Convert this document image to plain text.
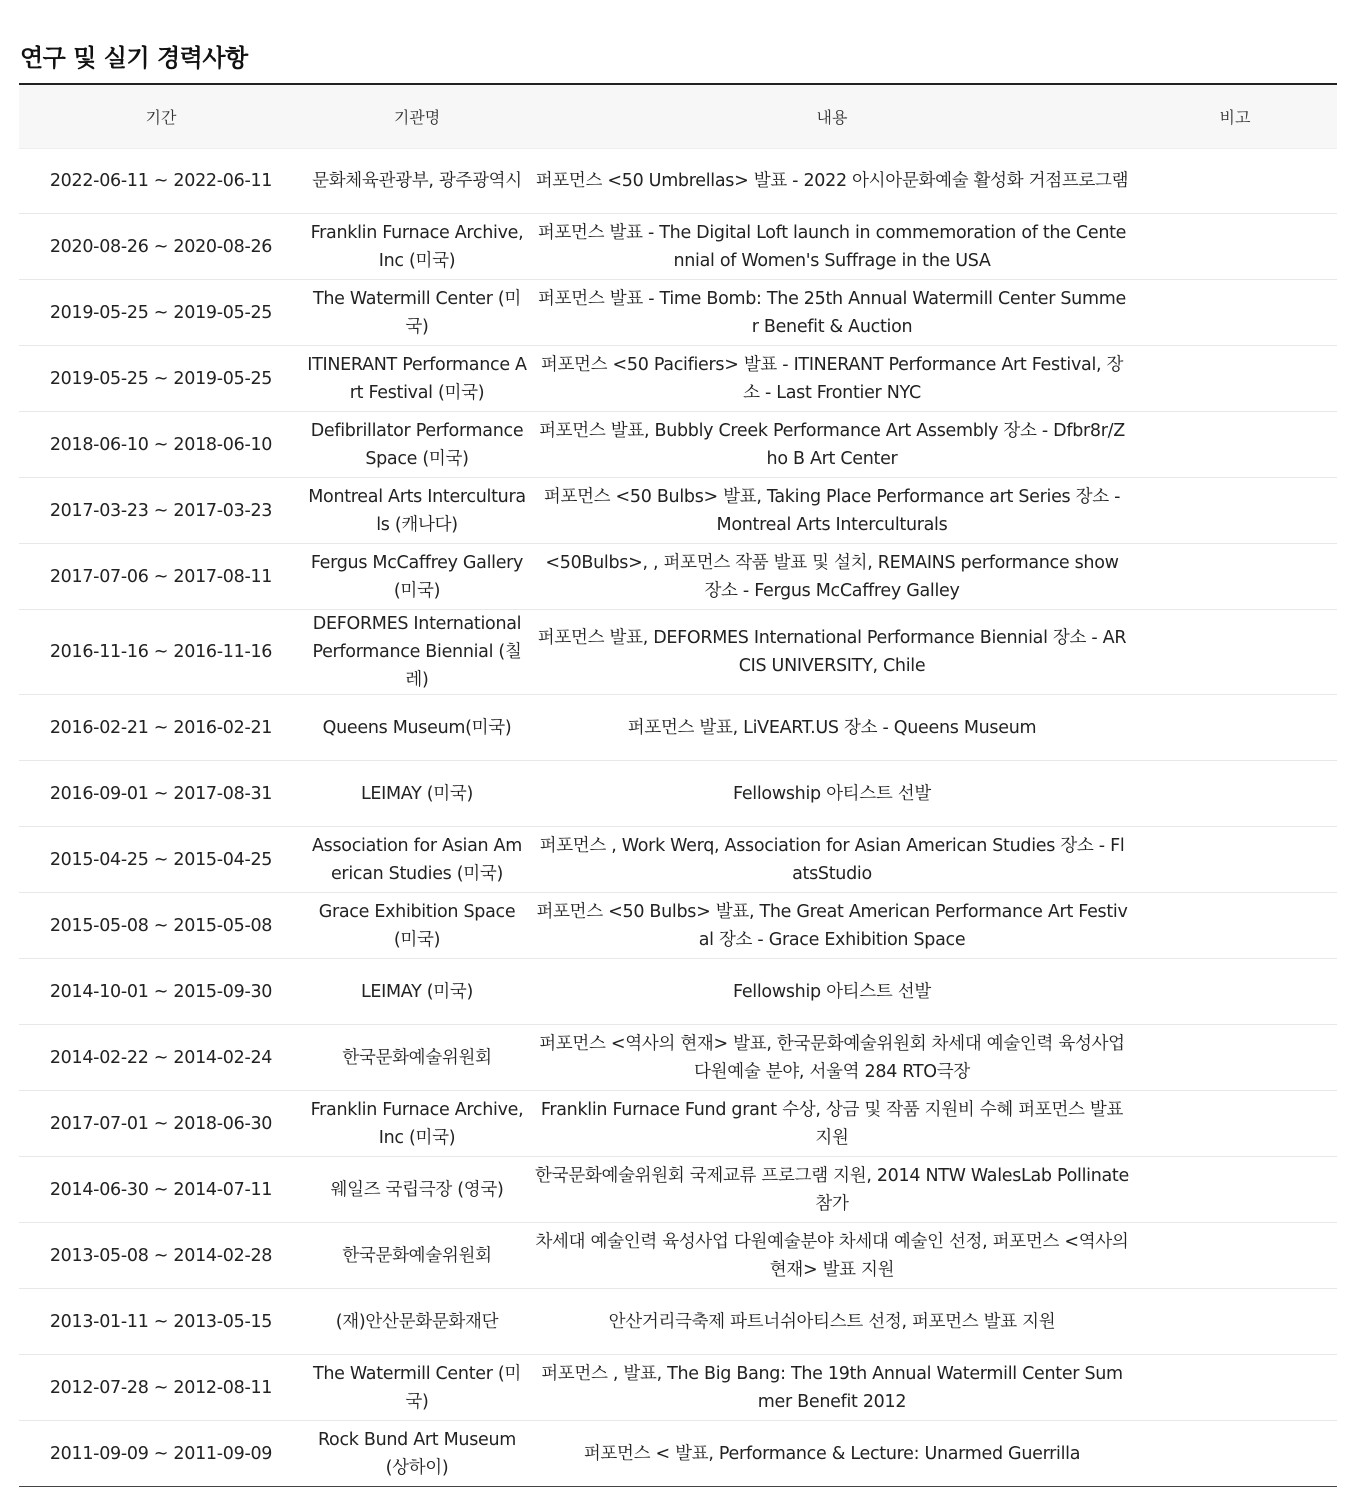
연구 및 실기 경력사항
기간	기관명	내용	비고
2022-06-11 ~ 2022-06-11	문화체육관광부, 광주광역시	퍼포먼스 <50 Umbrellas> 발표 - 2022 아시아문화예술 활성화 거점프로그램	
2020-08-26 ~ 2020-08-26	Franklin Furnace Archive, Inc (미국)	퍼포먼스 발표 - The Digital Loft launch in commemoration of the Centennial of Women's Suffrage in the USA	
2019-05-25 ~ 2019-05-25	The Watermill Center (미국)	퍼포먼스 발표 - Time Bomb: The 25th Annual Watermill Center Summer Benefit & Auction	
2019-05-25 ~ 2019-05-25	ITINERANT Performance Art Festival (미국)	퍼포먼스 <50 Pacifiers> 발표 - ITINERANT Performance Art Festival, 장소 - Last Frontier NYC	
2018-06-10 ~ 2018-06-10	Defibrillator Performance Space (미국)	퍼포먼스 발표, Bubbly Creek Performance Art Assembly 장소 - Dfbr8r/Zho B Art Center	
2017-03-23 ~ 2017-03-23	Montreal Arts Interculturals (캐나다)	퍼포먼스 <50 Bulbs> 발표, Taking Place Performance art Series 장소 - Montreal Arts Interculturals	
2017-07-06 ~ 2017-08-11	Fergus McCaffrey Gallery (미국)	<50Bulbs>, , 퍼포먼스 작품 발표 및 설치, REMAINS performance show 장소 - Fergus McCaffrey Galley	
2016-11-16 ~ 2016-11-16	DEFORMES International Performance Biennial (칠레)	퍼포먼스 발표, DEFORMES International Performance Biennial 장소 - ARCIS UNIVERSITY, Chile	
2016-02-21 ~ 2016-02-21	Queens Museum(미국)	퍼포먼스 발표, LiVEART.US 장소 - Queens Museum	
2016-09-01 ~ 2017-08-31	LEIMAY (미국)	Fellowship 아티스트 선발	
2015-04-25 ~ 2015-04-25	Association for Asian American Studies (미국)	퍼포먼스 , Work Werq, Association for Asian American Studies 장소 - FlatsStudio	
2015-05-08 ~ 2015-05-08	Grace Exhibition Space (미국)	퍼포먼스 <50 Bulbs> 발표, The Great American Performance Art Festival 장소 - Grace Exhibition Space	
2014-10-01 ~ 2015-09-30	LEIMAY (미국)	Fellowship 아티스트 선발	
2014-02-22 ~ 2014-02-24	한국문화예술위원회	퍼포먼스 <역사의 현재> 발표, 한국문화예술위원회 차세대 예술인력 육성사업 다원예술 분야, 서울역 284 RTO극장	
2017-07-01 ~ 2018-06-30	Franklin Furnace Archive, Inc (미국)	Franklin Furnace Fund grant 수상, 상금 및 작품 지원비 수혜 퍼포먼스 발표 지원	
2014-06-30 ~ 2014-07-11	웨일즈 국립극장 (영국)	한국문화예술위원회 국제교류 프로그램 지원, 2014 NTW WalesLab Pollinate 참가	
2013-05-08 ~ 2014-02-28	한국문화예술위원회	차세대 예술인력 육성사업 다원예술분야 차세대 예술인 선정, 퍼포먼스 <역사의 현재> 발표 지원	
2013-01-11 ~ 2013-05-15	(재)안산문화문화재단	안산거리극축제 파트너쉬아티스트 선정, 퍼포먼스 발표 지원	
2012-07-28 ~ 2012-08-11	The Watermill Center (미국)	퍼포먼스 , 발표, The Big Bang: The 19th Annual Watermill Center Summer Benefit 2012	
2011-09-09 ~ 2011-09-09	Rock Bund Art Museum (상하이)	퍼포먼스 < 발표, Performance & Lecture: Unarmed Guerrilla	
